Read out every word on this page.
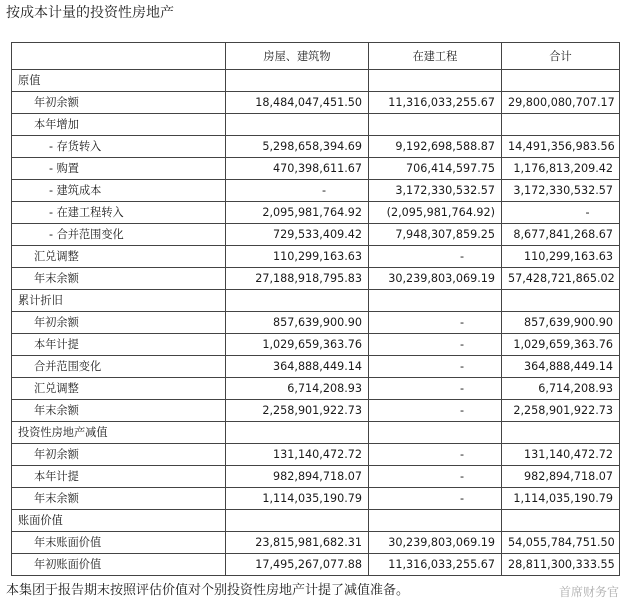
按成本计量的投资性房地产
	房屋、建筑物	在建工程	合计
原值			
年初余额	18,484,047,451.50	11,316,033,255.67	29,800,080,707.17
本年增加			
- 存货转入	5,298,658,394.69	9,192,698,588.87	14,491,356,983.56
- 购置	470,398,611.67	706,414,597.75	1,176,813,209.42
- 建筑成本	-	3,172,330,532.57	3,172,330,532.57
- 在建工程转入	2,095,981,764.92	(2,095,981,764.92)	-
- 合并范围变化	729,533,409.42	7,948,307,859.25	8,677,841,268.67
汇兑调整	110,299,163.63	-	110,299,163.63
年末余额	27,188,918,795.83	30,239,803,069.19	57,428,721,865.02
累计折旧			
年初余额	857,639,900.90	-	857,639,900.90
本年计提	1,029,659,363.76	-	1,029,659,363.76
合并范围变化	364,888,449.14	-	364,888,449.14
汇兑调整	6,714,208.93	-	6,714,208.93
年末余额	2,258,901,922.73	-	2,258,901,922.73
投资性房地产减值			
年初余额	131,140,472.72	-	131,140,472.72
本年计提	982,894,718.07	-	982,894,718.07
年末余额	1,114,035,190.79	-	1,114,035,190.79
账面价值			
年末账面价值	23,815,981,682.31	30,239,803,069.19	54,055,784,751.50
年初账面价值	17,495,267,077.88	11,316,033,255.67	28,811,300,333.55
本集团于报告期末按照评估价值对个别投资性房地产计提了减值准备。	首席财务官
